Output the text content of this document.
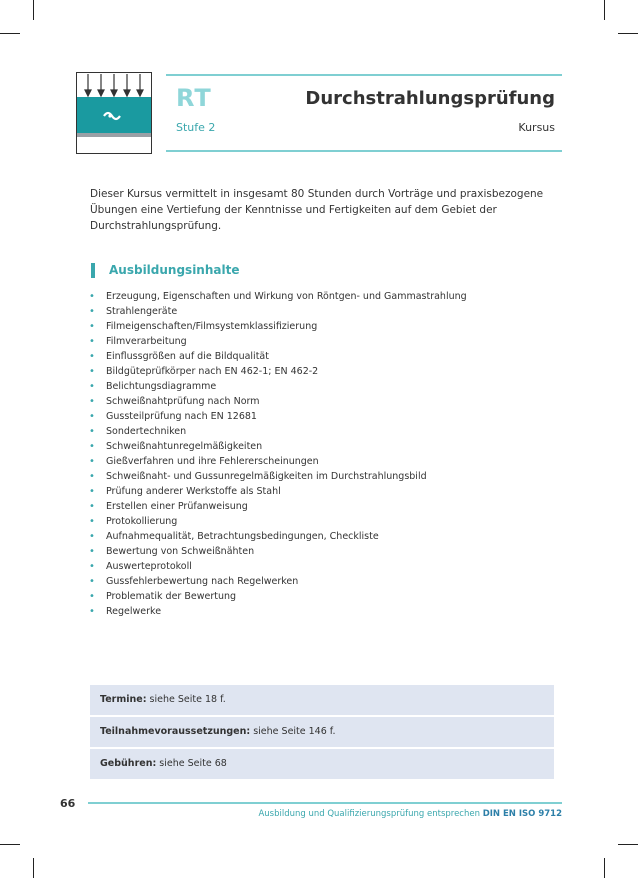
RT	Durchstrahlungsprüfung
Stufe 2	Kursus
Dieser Kursus vermittelt in insgesamt 80 Stunden durch Vorträge und praxisbezogene Übungen eine Vertiefung der Kenntnisse und Fertigkeiten auf dem Gebiet der Durchstrahlungsprüfung.
Ausbildungsinhalte
• Erzeugung, Eigenschaften und Wirkung von Röntgen- und Gammastrahlung
• Strahlengeräte
• Filmeigenschaften/Filmsystemklassifizierung
• Filmverarbeitung
• Einflussgrößen auf die Bildqualität
• Bildgüteprüfkörper nach EN 462-1; EN 462-2
• Belichtungsdiagramme
• Schweißnahtprüfung nach Norm
• Gussteilprüfung nach EN 12681
• Sondertechniken
• Schweißnahtunregelmäßigkeiten
• Gießverfahren und ihre Fehlererscheinungen
• Schweißnaht- und Gussunregelmäßigkeiten im Durchstrahlungsbild
• Prüfung anderer Werkstoffe als Stahl
• Erstellen einer Prüfanweisung
• Protokollierung
• Aufnahmequalität, Betrachtungsbedingungen, Checkliste
• Bewertung von Schweißnähten
• Auswerteprotokoll
• Gussfehlerbewertung nach Regelwerken
• Problematik der Bewertung
• Regelwerke
Termine: siehe Seite 18 f.
Teilnahmevoraussetzungen: siehe Seite 146 f.
Gebühren: siehe Seite 68
66
Ausbildung und Qualifizierungsprüfung entsprechen DIN EN ISO 9712
